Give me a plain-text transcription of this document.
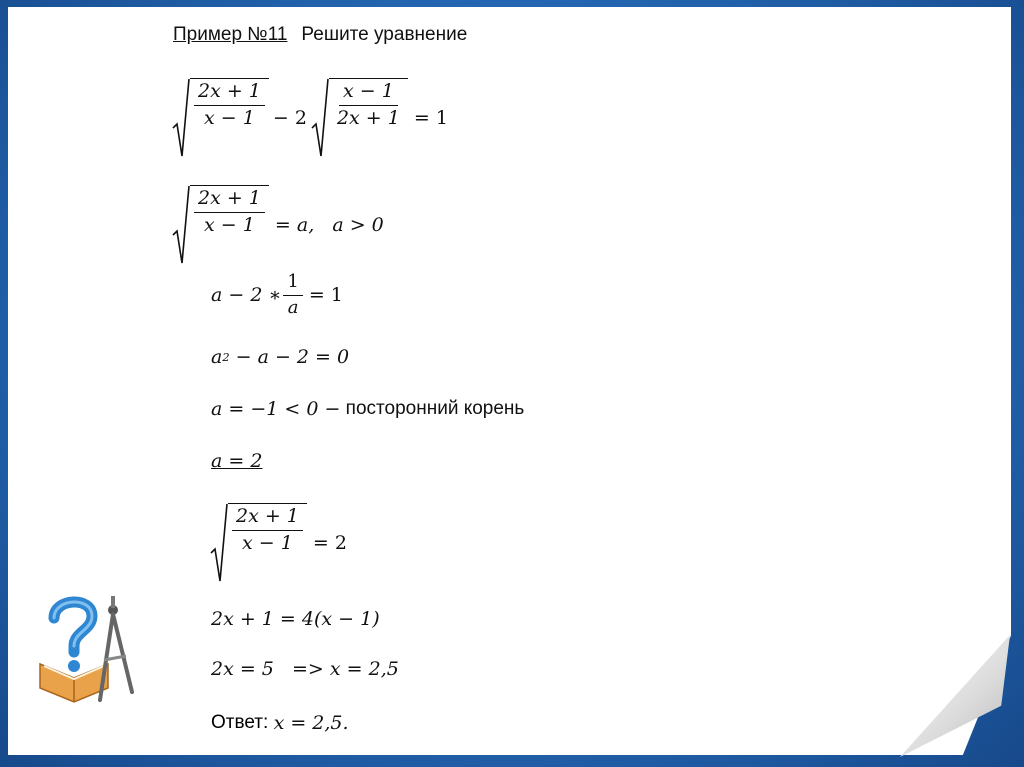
Пример №11 Решите уравнение
$\frac{2x + 1}{x - 1} - 2 \frac{x - 1}{2x + 1} = 1$
$\frac{2x + 1}{x - 1} = a$,   a > 0
a − 2 ∗ $\frac{1}{a} = 1$
a 2 − a − 2 = 0
a = −1 < 0 − посторонний корень
a = 2
$\frac{2x + 1}{x - 1} = 2$
2x + 1 = 4(x − 1)
2x = 5   => x = 2,5
Ответ: x = 2,5.
